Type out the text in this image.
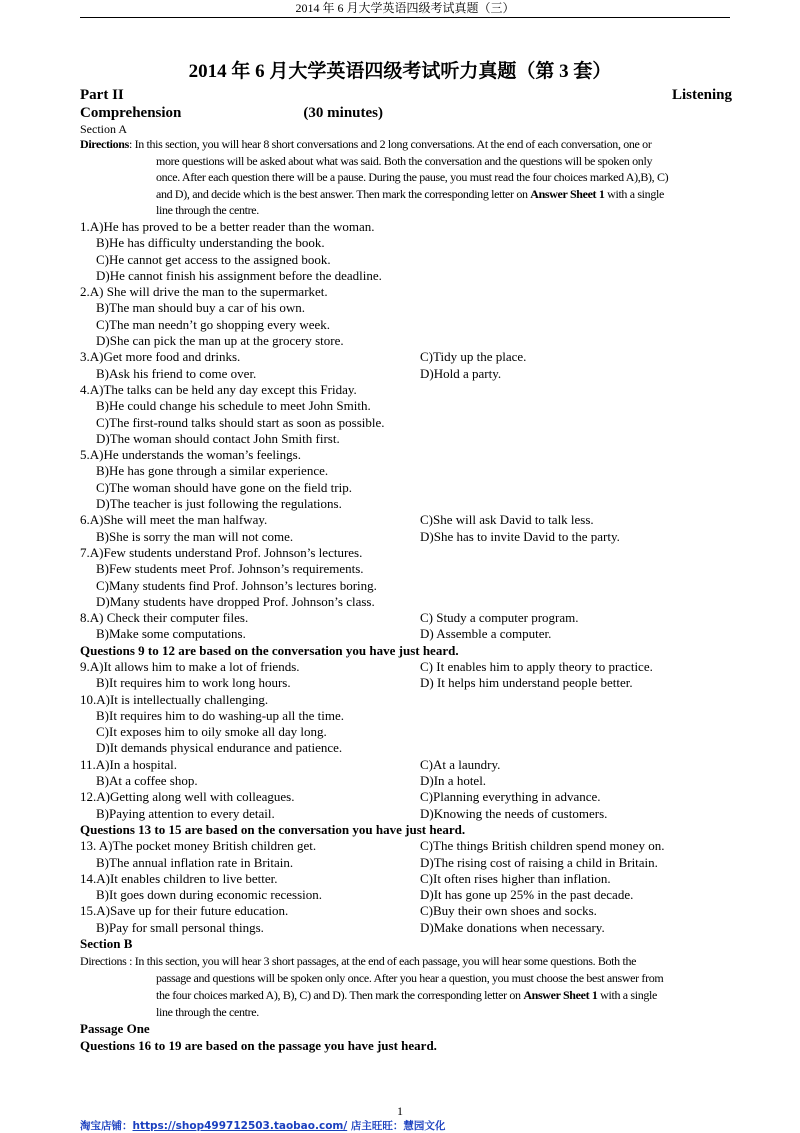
2014 年 6 月大学英语四级考试真题（三）
2014 年 6 月大学英语四级考试听力真题（第 3 套）
Part II	Listening
Comprehension	(30 minutes)
Section A
Directions: In this section, you will hear 8 short conversations and 2 long conversations. At the end of each conversation, one or
more questions will be asked about what was said. Both the conversation and the questions will be spoken only
once. After each question there will be a pause. During the pause, you must read the four choices marked A),B), C)
and D), and decide which is the best answer. Then mark the corresponding letter on Answer Sheet 1 with a single
line through the centre.
1.A)He has proved to be a better reader than the woman.
B)He has difficulty understanding the book.
C)He cannot get access to the assigned book.
D)He cannot finish his assignment before the deadline.
2.A) She will drive the man to the supermarket.
B)The man should buy a car of his own.
C)The man needn’t go shopping every week.
D)She can pick the man up at the grocery store.
3.A)Get more food and drinks.	C)Tidy up the place.
B)Ask his friend to come over.	D)Hold a party.
4.A)The talks can be held any day except this Friday.
B)He could change his schedule to meet John Smith.
C)The first-round talks should start as soon as possible.
D)The woman should contact John Smith first.
5.A)He understands the woman’s feelings.
B)He has gone through a similar experience.
C)The woman should have gone on the field trip.
D)The teacher is just following the regulations.
6.A)She will meet the man halfway.	C)She will ask David to talk less.
B)She is sorry the man will not come.	D)She has to invite David to the party.
7.A)Few students understand Prof. Johnson’s lectures.
B)Few students meet Prof. Johnson’s requirements.
C)Many students find Prof. Johnson’s lectures boring.
D)Many students have dropped Prof. Johnson’s class.
8.A) Check their computer files.	C) Study a computer program.
B)Make some computations.	D) Assemble a computer.
Questions 9 to 12 are based on the conversation you have just heard.
9.A)It allows him to make a lot of friends.	C) It enables him to apply theory to practice.
B)It requires him to work long hours.	D) It helps him understand people better.
10.A)It is intellectually challenging.
B)It requires him to do washing-up all the time.
C)It exposes him to oily smoke all day long.
D)It demands physical endurance and patience.
11.A)In a hospital.	C)At a laundry.
B)At a coffee shop.	D)In a hotel.
12.A)Getting along well with colleagues.	C)Planning everything in advance.
B)Paying attention to every detail.	D)Knowing the needs of customers.
Questions 13 to 15 are based on the conversation you have just heard.
13. A)The pocket money British children get.	C)The things British children spend money on.
B)The annual inflation rate in Britain.	D)The rising cost of raising a child in Britain.
14.A)It enables children to live better.	C)It often rises higher than inflation.
B)It goes down during economic recession.	D)It has gone up 25% in the past decade.
15.A)Save up for their future education.	C)Buy their own shoes and socks.
B)Pay for small personal things.	D)Make donations when necessary.
Section B
Directions : In this section, you will hear 3 short passages, at the end of each passage, you will hear some questions. Both the
passage and questions will be spoken only once. After you hear a question, you must choose the best answer from
the four choices marked A), B), C) and D). Then mark the corresponding letter on Answer Sheet 1 with a single
line through the centre.
Passage One
Questions 16 to 19 are based on the passage you have just heard.
1
淘宝店铺：https://shop499712503.taobao.com/ 店主旺旺：慧园文化
